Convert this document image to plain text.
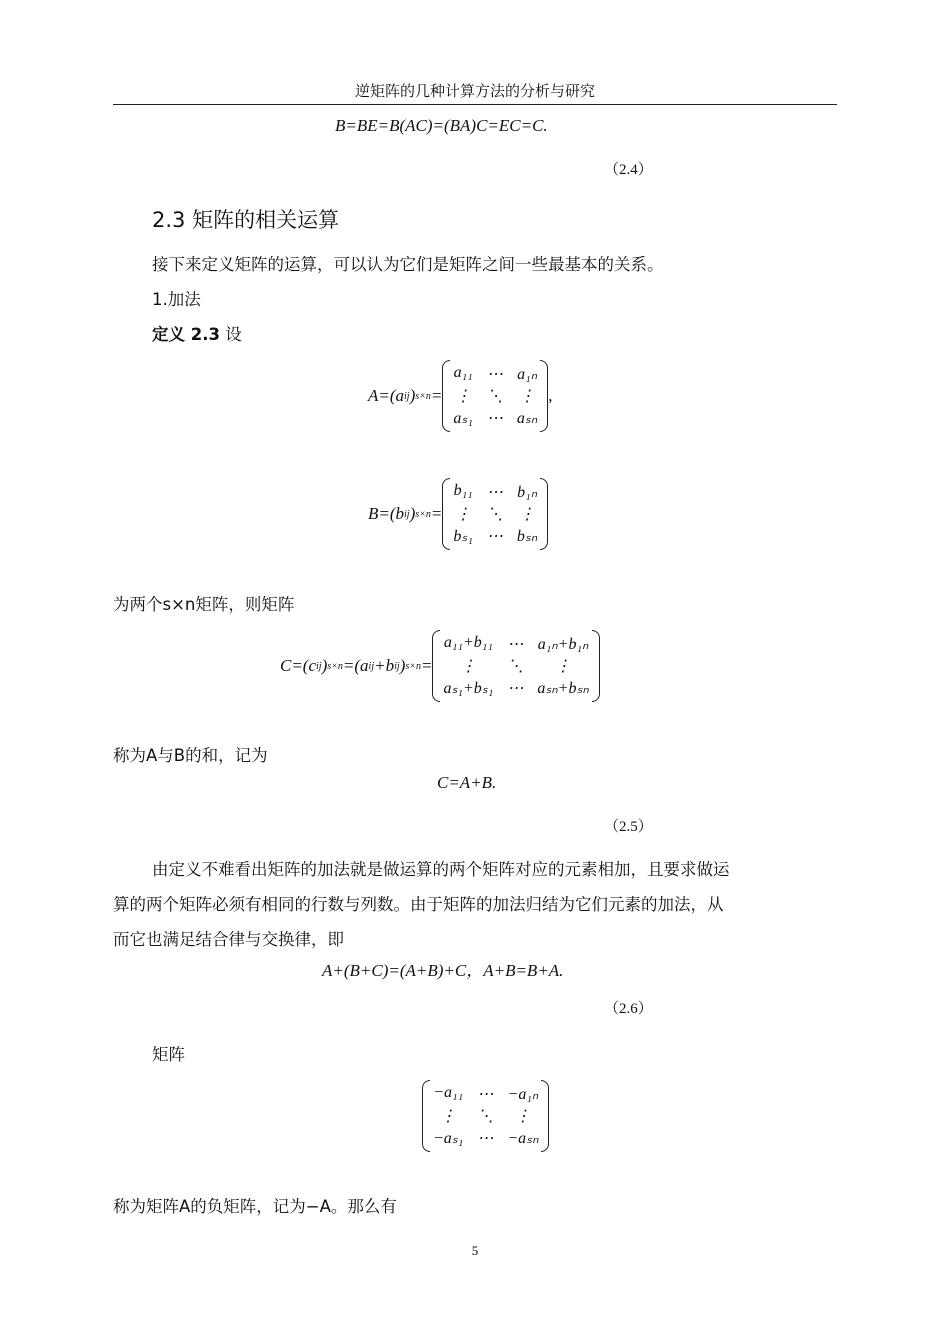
逆矩阵的几种计算方法的分析与研究
B=BE=B(AC)=(BA)C=EC=C.
（2.4）
2.3 矩阵的相关运算
接下来定义矩阵的运算，可以认为它们是矩阵之间一些最基本的关系。
1.加法
定义 2.3 设
A=(a ij ) s×n =
a₁₁ ⋯ a₁ₙ
⋮ ⋱ ⋮
aₛ₁ ⋯ aₛₙ
,
B=(b ij ) s×n =
b₁₁ ⋯ b₁ₙ
⋮ ⋱ ⋮
bₛ₁ ⋯ bₛₙ
为两个s×n矩阵，则矩阵
C=(c ij ) s×n =(a ij +b ij ) s×n =
a₁₁+b₁₁ ⋯ a₁ₙ+b₁ₙ
⋮	⋱	⋮
aₛ₁+bₛ₁ ⋯ aₛₙ+bₛₙ
称为A与B的和，记为
C=A+B.
（2.5）
由定义不难看出矩阵的加法就是做运算的两个矩阵对应的元素相加，且要求做运
算的两个矩阵必须有相同的行数与列数。由于矩阵的加法归结为它们元素的加法，从
而它也满足结合律与交换律，即
A+(B+C)=(A+B)+C，A+B=B+A.
（2.6）
矩阵
−a₁₁ ⋯ −a₁ₙ
⋮	⋱	⋮
−aₛ₁ ⋯ −aₛₙ
称为矩阵A的负矩阵，记为−A。那么有
5
